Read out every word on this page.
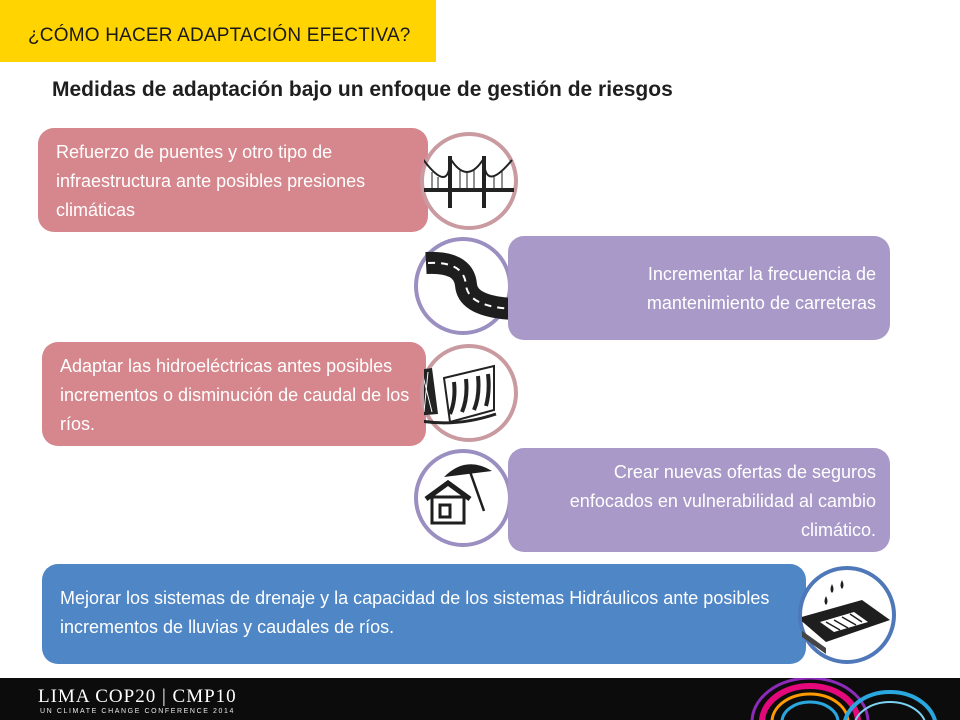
¿CÓMO HACER ADAPTACIÓN EFECTIVA?
Medidas de adaptación bajo un enfoque de gestión de riesgos
Refuerzo de puentes y otro tipo de infraestructura ante posibles presiones climáticas
Incrementar la frecuencia de mantenimiento de carreteras
Adaptar las hidroeléctricas antes posibles incrementos o disminución de caudal de los ríos.
Crear nuevas ofertas de seguros enfocados en vulnerabilidad al cambio climático.
Mejorar los sistemas de drenaje y la capacidad de los sistemas Hidráulicos ante posibles incrementos de lluvias y caudales de ríos.
LIMA COP20 | CMP10
UN CLIMATE CHANGE CONFERENCE 2014
